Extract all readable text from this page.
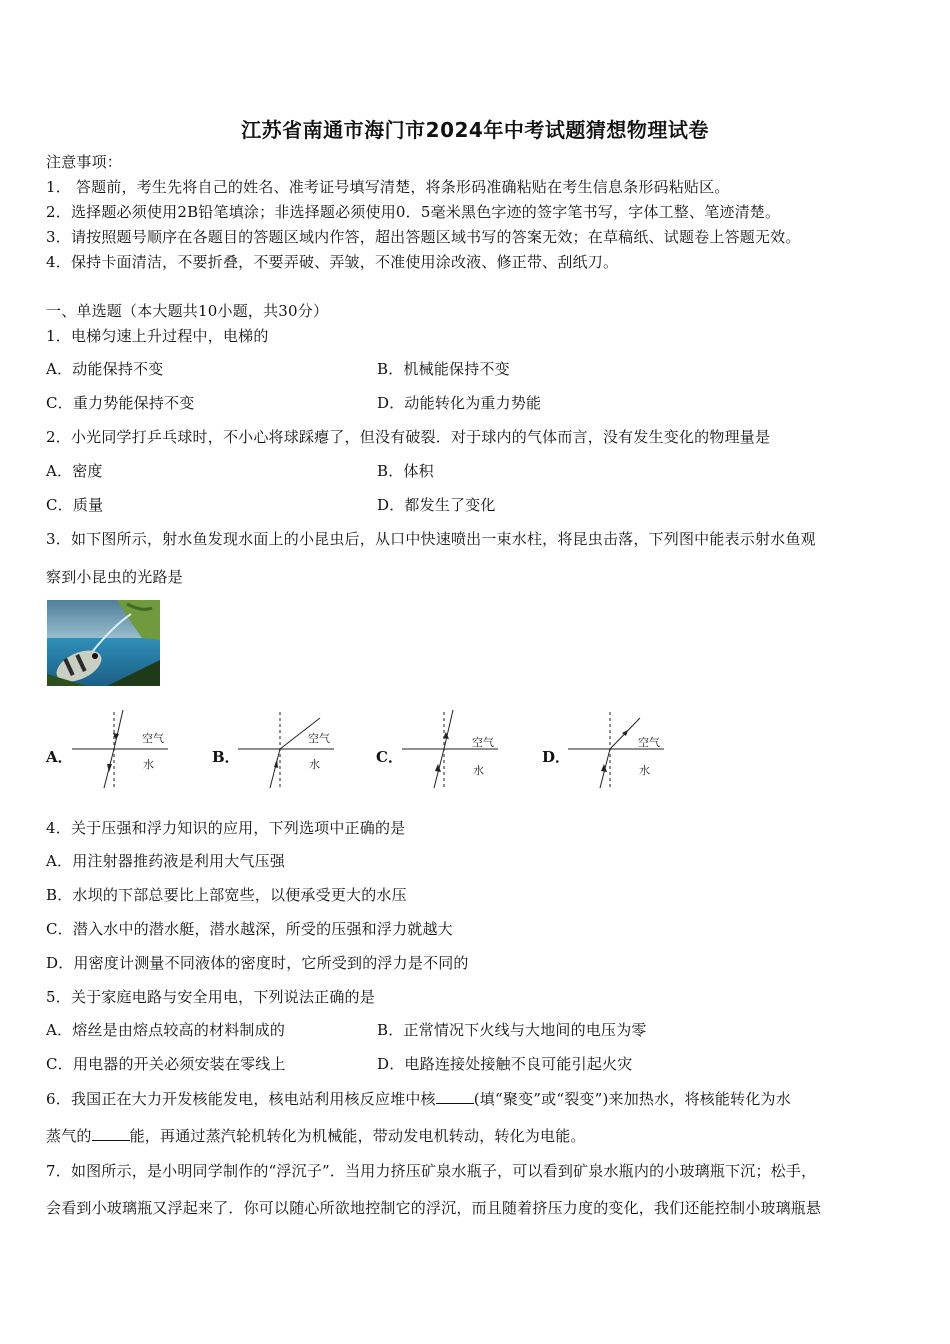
江苏省南通市海门市2024年中考试题猜想物理试卷
注意事项：
1． 答题前，考生先将自己的姓名、准考证号填写清楚，将条形码准确粘贴在考生信息条形码粘贴区。
2．选择题必须使用2B铅笔填涂；非选择题必须使用0．5毫米黑色字迹的签字笔书写，字体工整、笔迹清楚。
3．请按照题号顺序在各题目的答题区域内作答，超出答题区域书写的答案无效；在草稿纸、试题卷上答题无效。
4．保持卡面清洁，不要折叠，不要弄破、弄皱，不准使用涂改液、修正带、刮纸刀。
一、单选题（本大题共10小题，共30分）
1．电梯匀速上升过程中，电梯的
A．动能保持不变	B．机械能保持不变
C．重力势能保持不变	D．动能转化为重力势能
2．小光同学打乒乓球时，不小心将球踩瘪了，但没有破裂．对于球内的气体而言，没有发生变化的物理量是
A．密度	B．体积
C．质量	D．都发生了变化
3．如下图所示，射水鱼发现水面上的小昆虫后，从口中快速喷出一束水柱，将昆虫击落，下列图中能表示射水鱼观
察到小昆虫的光路是
A．
空气
水	B．
空气
水	C．
空气
水
D．
空气
水
4．关于压强和浮力知识的应用，下列选项中正确的是
A．用注射器推药液是利用大气压强
B．水坝的下部总要比上部宽些，以便承受更大的水压
C．潜入水中的潜水艇，潜水越深，所受的压强和浮力就越大
D．用密度计测量不同液体的密度时，它所受到的浮力是不同的
5．关于家庭电路与安全用电，下列说法正确的是
A．熔丝是由熔点较高的材料制成的	B．正常情况下火线与大地间的电压为零
C．用电器的开关必须安装在零线上	D．电路连接处接触不良可能引起火灾
6．我国正在大力开发核能发电，核电站利用核反应堆中核	(填“聚变”或“裂变”)来加热水，将核能转化为水
蒸气的	能，再通过蒸汽轮机转化为机械能，带动发电机转动，转化为电能。
7．如图所示，是小明同学制作的“浮沉子”．当用力挤压矿泉水瓶子，可以看到矿泉水瓶内的小玻璃瓶下沉；松手，
会看到小玻璃瓶又浮起来了．你可以随心所欲地控制它的浮沉，而且随着挤压力度的变化，我们还能控制小玻璃瓶悬
